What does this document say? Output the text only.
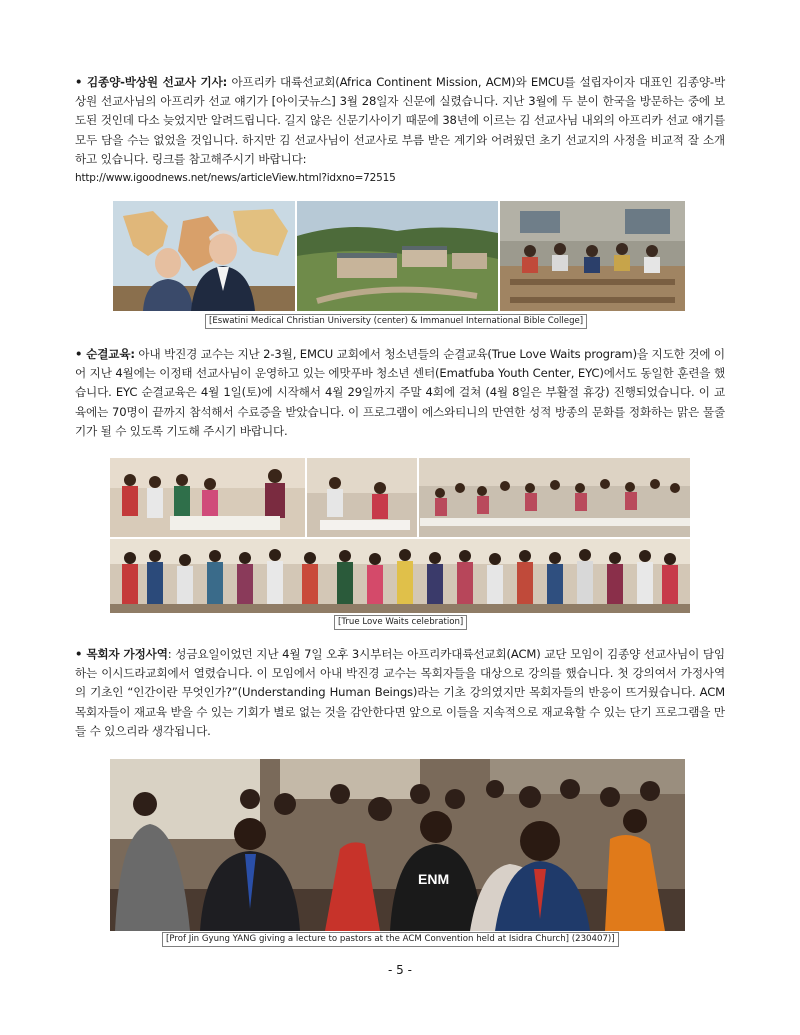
• 김종양-박상원 선교사 기사: 아프리카 대륙선교회(Africa Continent Mission, ACM)와 EMCU를 설립자이자 대표인 김종양-박상원 선교사님의 아프리카 선교 얘기가 [아이굿뉴스] 3월 28일자 신문에 실렸습니다. 지난 3월에 두 분이 한국을 방문하는 중에 보도된 것인데 다소 늦었지만 알려드립니다. 길지 않은 신문기사이기 때문에 38년에 이르는 김 선교사님 내외의 아프리카 선교 얘기를 모두 담을 수는 없었을 것입니다. 하지만 김 선교사님이 선교사로 부름 받은 계기와 어려웠던 초기 선교지의 사정을 비교적 잘 소개하고 있습니다. 링크를 참고해주시기 바랍니다:
http://www.igoodnews.net/news/articleView.html?idxno=72515
[Eswatini Medical Christian University (center) & Immanuel International Bible College]
• 순결교육: 아내 박진경 교수는 지난 2-3월, EMCU 교회에서 청소년들의 순결교육(True Love Waits program)을 지도한 것에 이어 지난 4월에는 이정태 선교사님이 운영하고 있는 에맛푸바 청소년 센터(Ematfuba Youth Center, EYC)에서도 동일한 훈련을 했습니다. EYC 순결교육은 4월 1일(토)에 시작해서 4월 29일까지 주말 4회에 걸쳐 (4월 8일은 부활절 휴강) 진행되었습니다. 이 교육에는 70명이 끝까지 참석해서 수료증을 받았습니다. 이 프로그램이 에스와티니의 만연한 성적 방종의 문화를 정화하는 맑은 물줄기가 될 수 있도록 기도해 주시기 바랍니다.
[True Love Waits celebration]
• 목회자 가정사역: 성금요일이었던 지난 4월 7일 오후 3시부터는 아프리카대륙선교회(ACM) 교단 모임이 김종양 선교사님이 담임하는 이시드라교회에서 열렸습니다. 이 모임에서 아내 박진경 교수는 목회자들을 대상으로 강의를 했습니다. 첫 강의여서 가정사역의 기초인 “인간이란 무엇인가?”(Understanding Human Beings)라는 기초 강의였지만 목회자들의 반응이 뜨거웠습니다. ACM 목회자들이 재교육 받을 수 있는 기회가 별로 없는 것을 감안한다면 앞으로 이들을 지속적으로 재교육할 수 있는 단기 프로그램을 만들 수 있으리라 생각됩니다.
ENM
[Prof Jin Gyung YANG giving a lecture to pastors at the ACM Convention held at Isidra Church] (230407)]
- 5 -
